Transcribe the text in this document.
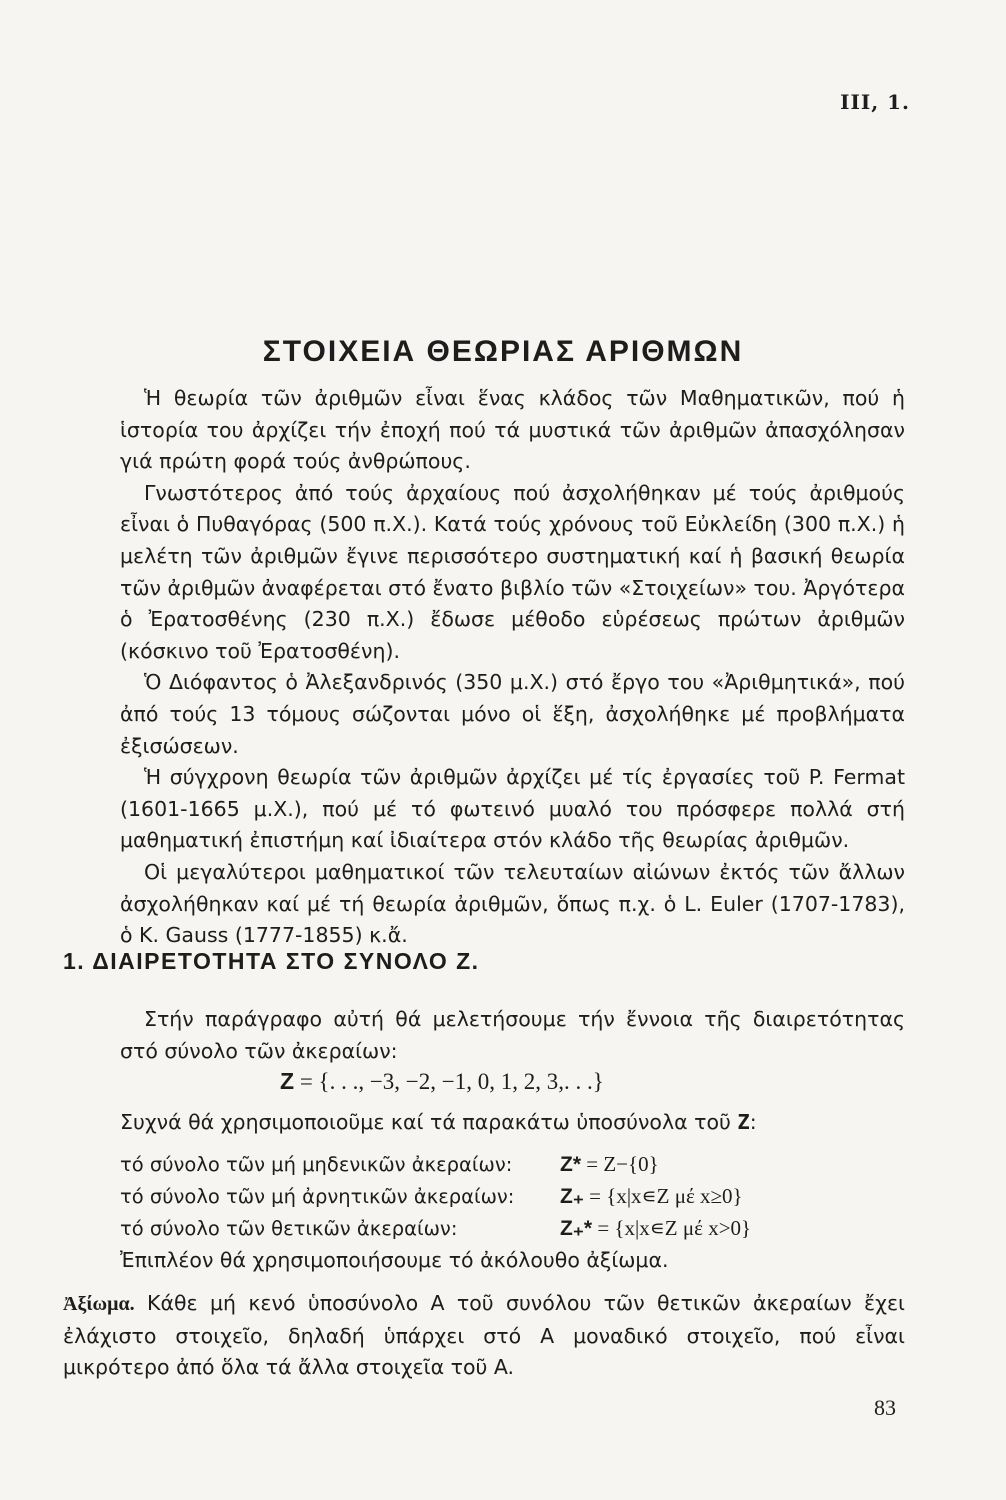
III, 1.
ΣΤΟΙΧΕΙΑ ΘΕΩΡΙΑΣ ΑΡΙΘΜΩΝ

Ἡ θεωρία τῶν ἀριθμῶν εἶναι ἕνας κλάδος τῶν Μαθηματικῶν, πού ἡ ἱστορία του ἀρχίζει τήν ἐποχή πού τά μυστικά τῶν ἀριθμῶν ἀπασχόλησαν γιά πρώτη φορά τούς ἀνθρώπους.

Γνωστότερος ἀπό τούς ἀρχαίους πού ἀσχολήθηκαν μέ τούς ἀριθμούς εἶναι ὁ Πυθαγόρας (500 π.Χ.). Κατά τούς χρόνους τοῦ Εὐκλείδη (300 π.Χ.) ἡ μελέτη τῶν ἀριθμῶν ἔγινε περισσότερο συστηματική καί ἡ βασική θεωρία τῶν ἀριθμῶν ἀναφέρεται στό ἔνατο βιβλίο τῶν «Στοιχείων» του. Ἀργότερα ὁ Ἐρατοσθένης (230 π.Χ.) ἔδωσε μέθοδο εὑρέσεως πρώτων ἀριθμῶν (κόσκινο τοῦ Ἐρατοσθένη).

Ὁ Διόφαντος ὁ Ἀλεξανδρινός (350 μ.Χ.) στό ἔργο του «Ἀριθμητικά», πού ἀπό τούς 13 τόμους σώζονται μόνο οἱ ἕξη, ἀσχολήθηκε μέ προβλήματα ἐξισώσεων.

Ἡ σύγχρονη θεωρία τῶν ἀριθμῶν ἀρχίζει μέ τίς ἐργασίες τοῦ P. Fermat (1601-1665 μ.Χ.), πού μέ τό φωτεινό μυαλό του πρόσφερε πολλά στή μαθηματική ἐπιστήμη καί ἰδιαίτερα στόν κλάδο τῆς θεωρίας ἀριθμῶν.

Οἱ μεγαλύτεροι μαθηματικοί τῶν τελευταίων αἰώνων ἐκτός τῶν ἄλλων ἀσχολήθηκαν καί μέ τή θεωρία ἀριθμῶν, ὅπως π.χ. ὁ L. Euler (1707-1783), ὁ K. Gauss (1777-1855) κ.ἄ.

1. ΔΙΑΙΡΕΤΟΤΗΤΑ ΣΤΟ ΣΥΝΟΛΟ Z.

Στήν παράγραφο αὐτή θά μελετήσουμε τήν ἔννοια τῆς διαιρετότητας στό σύνολο τῶν ἀκεραίων:

Z = {. . ., −3, −2, −1, 0, 1, 2, 3,. . .}
Συχνά θά χρησιμοποιοῦμε καί τά παρακάτω ὑποσύνολα τοῦ Z:
τό σύνολο τῶν μή μηδενικῶν ἀκεραίων:	Z* = Z−{0}
τό σύνολο τῶν μή ἀρνητικῶν ἀκεραίων:	Z₊ = {x|x∊Z μέ x≥0}
τό σύνολο τῶν θετικῶν ἀκεραίων:	Z₊* = {x|x∊Z μέ x>0}
Ἐπιπλέον θά χρησιμοποιήσουμε τό ἀκόλουθο ἀξίωμα.
Ἀξίωμα. Κάθε μή κενό ὑποσύνολο A τοῦ συνόλου τῶν θετικῶν ἀκεραίων ἔχει ἐλάχιστο στοιχεῖο, δηλαδή ὑπάρχει στό A μοναδικό στοιχεῖο, πού εἶναι μικρότερο ἀπό ὅλα τά ἄλλα στοιχεῖα τοῦ A.
83
